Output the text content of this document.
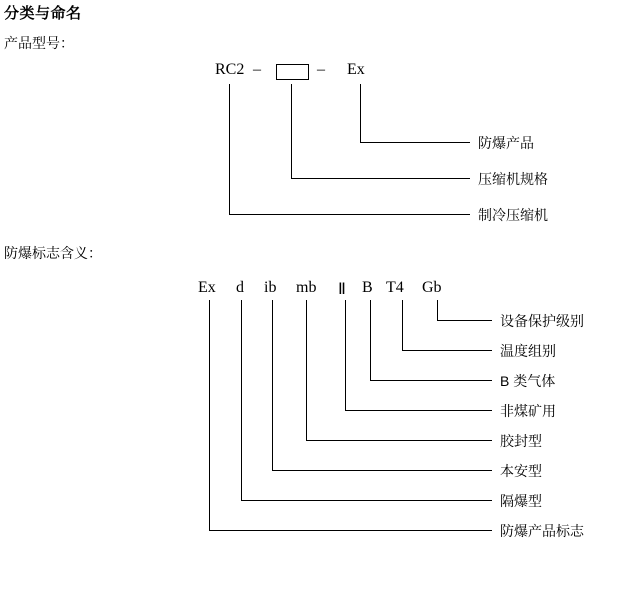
分类与命名
产品型号：
RC2 –	– Ex
防爆产品
压缩机规格
制冷压缩机
防爆标志含义：
Ex d ib mb Ⅱ B T4 Gb
设备保护级别
温度组别
B 类气体
非煤矿用
胶封型
本安型
隔爆型
防爆产品标志
